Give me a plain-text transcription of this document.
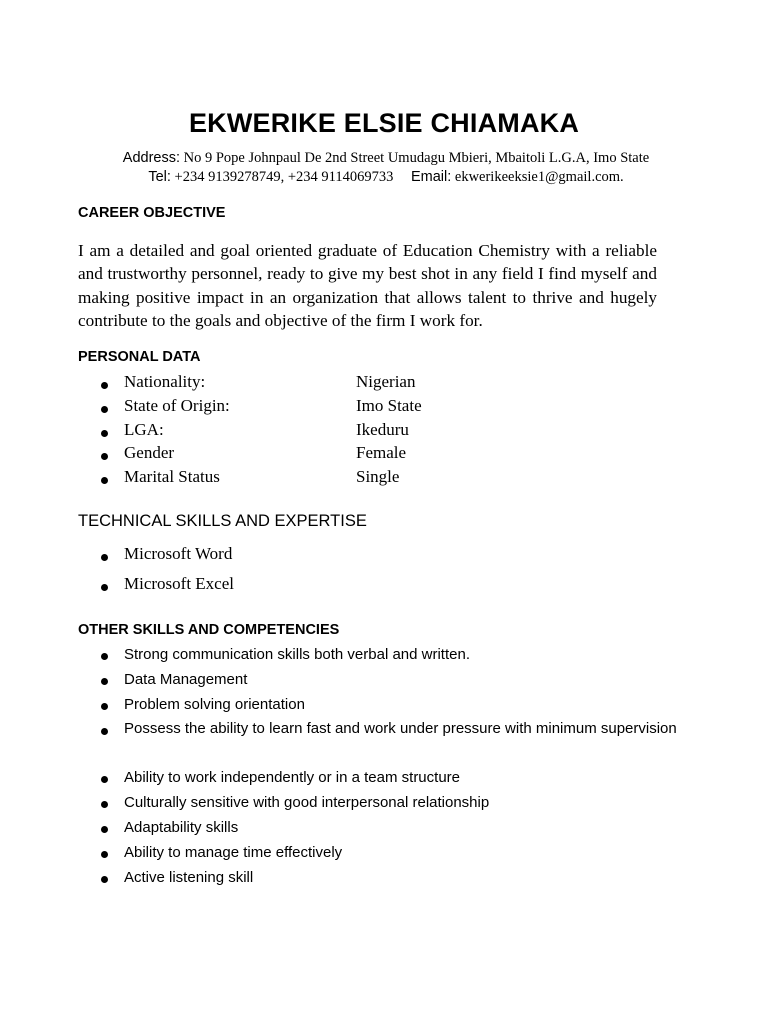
EKWERIKE ELSIE CHIAMAKA
Address: No 9 Pope Johnpaul De 2nd Street Umudagu Mbieri, Mbaitoli L.G.A, Imo State
Tel: +234 9139278749, +234 9114069733 Email: ekwerikeeksie1@gmail.com.
CAREER OBJECTIVE
I am a detailed and goal oriented graduate of Education Chemistry with a reliable and trustworthy personnel, ready to give my best shot in any field I find myself and making positive impact in an organization that allows talent to thrive and hugely contribute to the goals and objective of the firm I work for.
PERSONAL DATA
Nationality:	Nigerian
State of Origin:	Imo State
LGA:	Ikeduru
Gender	Female
Marital Status	Single
TECHNICAL SKILLS AND EXPERTISE
Microsoft Word
Microsoft Excel
OTHER SKILLS AND COMPETENCIES
Strong communication skills both verbal and written.
Data Management
Problem solving orientation
Possess the ability to learn fast and work under pressure with minimum supervision
Ability to work independently or in a team structure
Culturally sensitive with good interpersonal relationship
Adaptability skills
Ability to manage time effectively
Active listening skill
